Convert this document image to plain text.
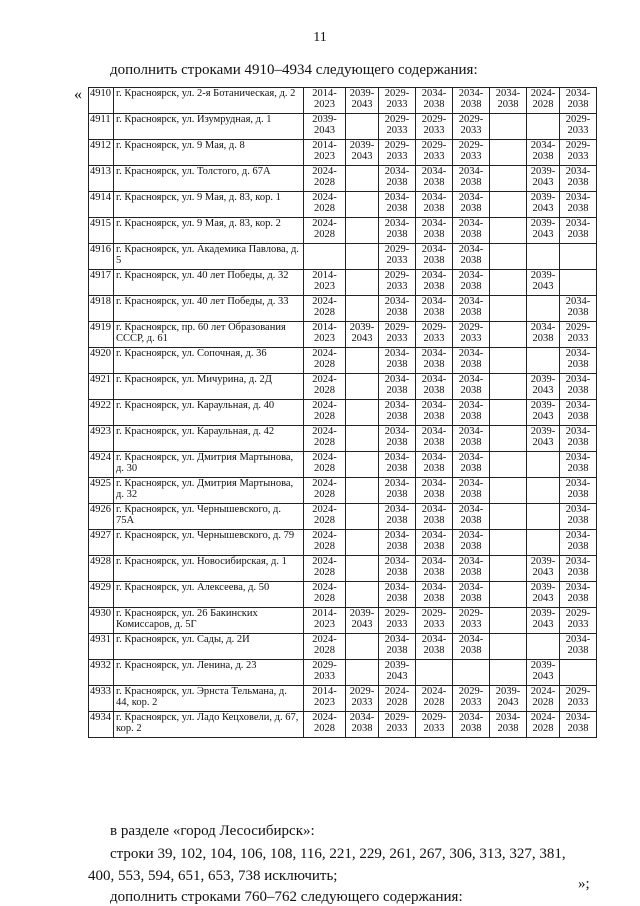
11
дополнить строками 4910–4934 следующего содержания:
« 4910	г. Красноярск, ул. 2-я Ботаническая, д. 2	2014-2023	2039-2043	2029-2033	2034-2038	2034-2038	2034-2038	2024-2028	2034-2038
4911	г. Красноярск, ул. Изумрудная, д. 1	2039-2043		2029-2033	2029-2033	2029-2033			2029-2033
4912	г. Красноярск, ул. 9 Мая, д. 8	2014-2023	2039-2043	2029-2033	2029-2033	2029-2033		2034-2038	2029-2033
4913	г. Красноярск, ул. Толстого, д. 67А	2024-2028		2034-2038	2034-2038	2034-2038		2039-2043	2034-2038
4914	г. Красноярск, ул. 9 Мая, д. 83, кор. 1	2024-2028		2034-2038	2034-2038	2034-2038		2039-2043	2034-2038
4915	г. Красноярск, ул. 9 Мая, д. 83, кор. 2	2024-2028		2034-2038	2034-2038	2034-2038		2039-2043	2034-2038
4916	г. Красноярск, ул. Академика Павлова, д. 5			2029-2033	2034-2038	2034-2038			
4917	г. Красноярск, ул. 40 лет Победы, д. 32	2014-2023		2029-2033	2034-2038	2034-2038		2039-2043	
4918	г. Красноярск, ул. 40 лет Победы, д. 33	2024-2028		2034-2038	2034-2038	2034-2038			2034-2038
4919	г. Красноярск, пр. 60 лет Образования СССР, д. 61	2014-2023	2039-2043	2029-2033	2029-2033	2029-2033		2034-2038	2029-2033
4920	г. Красноярск, ул. Сопочная, д. 36	2024-2028		2034-2038	2034-2038	2034-2038			2034-2038
4921	г. Красноярск, ул. Мичурина, д. 2Д	2024-2028		2034-2038	2034-2038	2034-2038		2039-2043	2034-2038
4922	г. Красноярск, ул. Караульная, д. 40	2024-2028		2034-2038	2034-2038	2034-2038		2039-2043	2034-2038
4923	г. Красноярск, ул. Караульная, д. 42	2024-2028		2034-2038	2034-2038	2034-2038		2039-2043	2034-2038
4924	г. Красноярск, ул. Дмитрия Мартынова, д. 30	2024-2028		2034-2038	2034-2038	2034-2038			2034-2038
4925	г. Красноярск, ул. Дмитрия Мартынова, д. 32	2024-2028		2034-2038	2034-2038	2034-2038			2034-2038
4926	г. Красноярск, ул. Чернышевского, д. 75А	2024-2028		2034-2038	2034-2038	2034-2038			2034-2038
4927	г. Красноярск, ул. Чернышевского, д. 79	2024-2028		2034-2038	2034-2038	2034-2038			2034-2038
4928	г. Красноярск, ул. Новосибирская, д. 1	2024-2028		2034-2038	2034-2038	2034-2038		2039-2043	2034-2038
4929	г. Красноярск, ул. Алексеева, д. 50	2024-2028		2034-2038	2034-2038	2034-2038		2039-2043	2034-2038
4930	г. Красноярск, ул. 26 Бакинских Комиссаров, д. 5Г	2014-2023	2039-2043	2029-2033	2029-2033	2029-2033		2039-2043	2029-2033
4931	г. Красноярск, ул. Сады, д. 2И	2024-2028		2034-2038	2034-2038	2034-2038			2034-2038
4932	г. Красноярск, ул. Ленина, д. 23	2029-2033		2039-2043				2039-2043	
4933	г. Красноярск, ул. Эрнста Тельмана, д. 44, кор. 2	2014-2023	2029-2033	2024-2028	2024-2028	2029-2033	2039-2043	2024-2028	2029-2033
4934	г. Красноярск, ул. Ладо Кецховели, д. 67, кор. 2	2024-2028	2034-2038	2029-2033	2029-2033	2034-2038	2034-2038	2024-2028	2034-2038
»;
в разделе «город Лесосибирск»:
строки 39, 102, 104, 106, 108, 116, 221, 229, 261, 267, 306, 313, 327, 381,
400, 553, 594, 651, 653, 738 исключить;
дополнить строками 760–762 следующего содержания:
